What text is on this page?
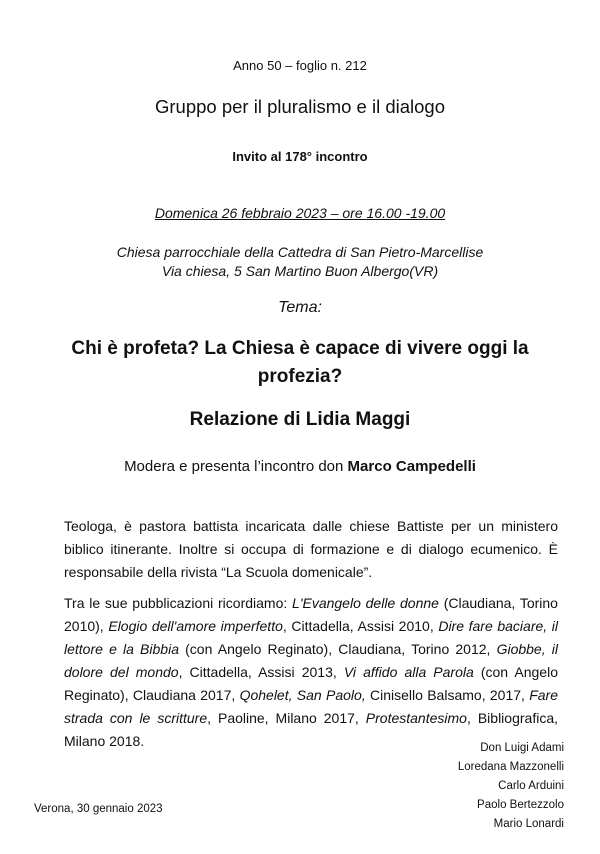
Anno 50 – foglio n. 212
Gruppo per il pluralismo e il dialogo
Invito al 178° incontro
Domenica 26 febbraio 2023 – ore 16.00 -19.00
Chiesa parrocchiale della Cattedra di San Pietro-Marcellise
Via chiesa, 5 San Martino Buon Albergo(VR)
Tema:
Chi è profeta? La Chiesa è capace di vivere oggi la profezia?
Relazione di Lidia Maggi
Modera e presenta l’incontro don Marco Campedelli
Teologa, è pastora battista incaricata dalle chiese Battiste per un ministero biblico itinerante. Inoltre si occupa di formazione e di dialogo ecumenico. È responsabile della rivista “La Scuola domenicale”.
Tra le sue pubblicazioni ricordiamo: L'Evangelo delle donne (Claudiana, Torino 2010), Elogio dell'amore imperfetto, Cittadella, Assisi 2010, Dire fare baciare, il lettore e la Bibbia (con Angelo Reginato), Claudiana, Torino 2012, Giobbe, il dolore del mondo, Cittadella, Assisi 2013, Vi affido alla Parola (con Angelo Reginato), Claudiana 2017, Qohelet, San Paolo, Cinisello Balsamo, 2017, Fare strada con le scritture, Paoline, Milano 2017, Protestantesimo, Bibliografica, Milano 2018.	Don Luigi Adami
Loredana Mazzonelli
Carlo Arduini
Paolo Bertezzolo
Mario Lonardi
Verona, 30 gennaio 2023
